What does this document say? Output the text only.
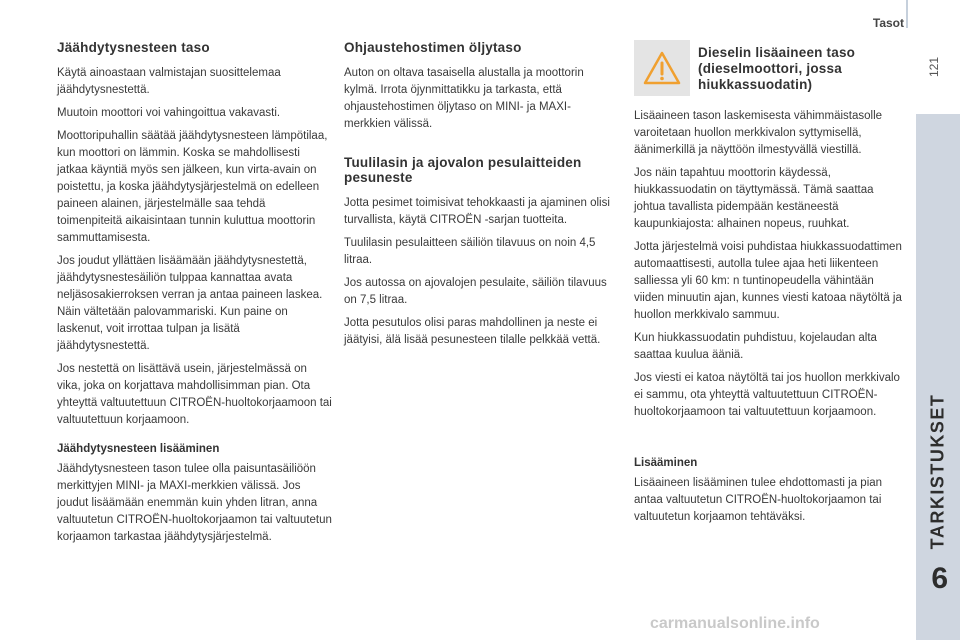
Tasot
121
TARKISTUKSET
6
Jäähdytysnesteen taso

Käytä ainoastaan valmistajan suosittelemaa jäähdytysnestettä.

Muutoin moottori voi vahingoittua vakavasti.

Moottoripuhallin säätää jäähdytysnesteen lämpötilaa, kun moottori on lämmin. Koska se mahdollisesti jatkaa käyntiä myös sen jälkeen, kun virta-avain on poistettu, ja koska jäähdytysjärjestelmä on edelleen paineen alainen, järjestelmälle saa tehdä toimenpiteitä aikaisintaan tunnin kuluttua moottorin sammuttamisesta.

Jos joudut yllättäen lisäämään jäähdytysnestettä, jäähdytysnestesäiliön tulppaa kannattaa avata neljäsosakierroksen verran ja antaa paineen laskea. Näin vältetään palovammariski. Kun paine on laskenut, voit irrottaa tulpan ja lisätä jäähdytysnestettä.

Jos nestettä on lisättävä usein, järjestelmässä on vika, joka on korjattava mahdollisimman pian. Ota yhteyttä valtuutettuun CITROËN-huoltokorjaamoon tai valtuutettuun korjaamoon.

Jäähdytysnesteen lisääminen

Jäähdytysnesteen tason tulee olla paisuntasäiliöön merkittyjen MINI- ja MAXI-merkkien välissä. Jos joudut lisäämään enemmän kuin yhden litran, anna valtuutetun CITROËN-huoltokorjaamon tai valtuutetun korjaamon tarkastaa jäähdytysjärjestelmä.

Ohjaustehostimen öljytaso

Auton on oltava tasaisella alustalla ja moottorin kylmä. Irrota öjynmittatikku ja tarkasta, että ohjaustehostimen öljytaso on MINI- ja MAXI-merkkien välissä.

Tuulilasin ja ajovalon pesulaitteiden pesuneste

Jotta pesimet toimisivat tehokkaasti ja ajaminen olisi turvallista, käytä CITROËN -sarjan tuotteita.

Tuulilasin pesulaitteen säiliön tilavuus on noin 4,5 litraa.

Jos autossa on ajovalojen pesulaite, säiliön tilavuus on 7,5 litraa.

Jotta pesutulos olisi paras mahdollinen ja neste ei jäätyisi, älä lisää pesunesteen tilalle pelkkää vettä.

Dieselin lisäaineen taso (dieselmoottori, jossa hiukkassuodatin)

Lisäaineen tason laskemisesta vähimmäistasolle varoitetaan huollon merkkivalon syttymisellä, äänimerkillä ja näyttöön ilmestyvällä viestillä.

Jos näin tapahtuu moottorin käydessä, hiukkassuodatin on täyttymässä. Tämä saattaa johtua tavallista pidempään kestäneestä kaupunkiajosta: alhainen nopeus, ruuhkat.

Jotta järjestelmä voisi puhdistaa hiukkassuodattimen automaattisesti, autolla tulee ajaa heti liikenteen salliessa yli 60 km: n tuntinopeudella vähintään viiden minuutin ajan, kunnes viesti katoaa näytöltä ja huollon merkkivalo sammuu.

Kun hiukkassuodatin puhdistuu, kojelaudan alta saattaa kuulua ääniä.

Jos viesti ei katoa näytöltä tai jos huollon merkkivalo ei sammu, ota yhteyttä valtuutettuun CITROËN-huoltokorjaamoon tai valtuutettuun korjaamoon.

Lisääminen

Lisäaineen lisääminen tulee ehdottomasti ja pian antaa valtuutetun CITROËN-huoltokorjaamon tai valtuutetun korjaamon tehtäväksi.

carmanualsonline.info
